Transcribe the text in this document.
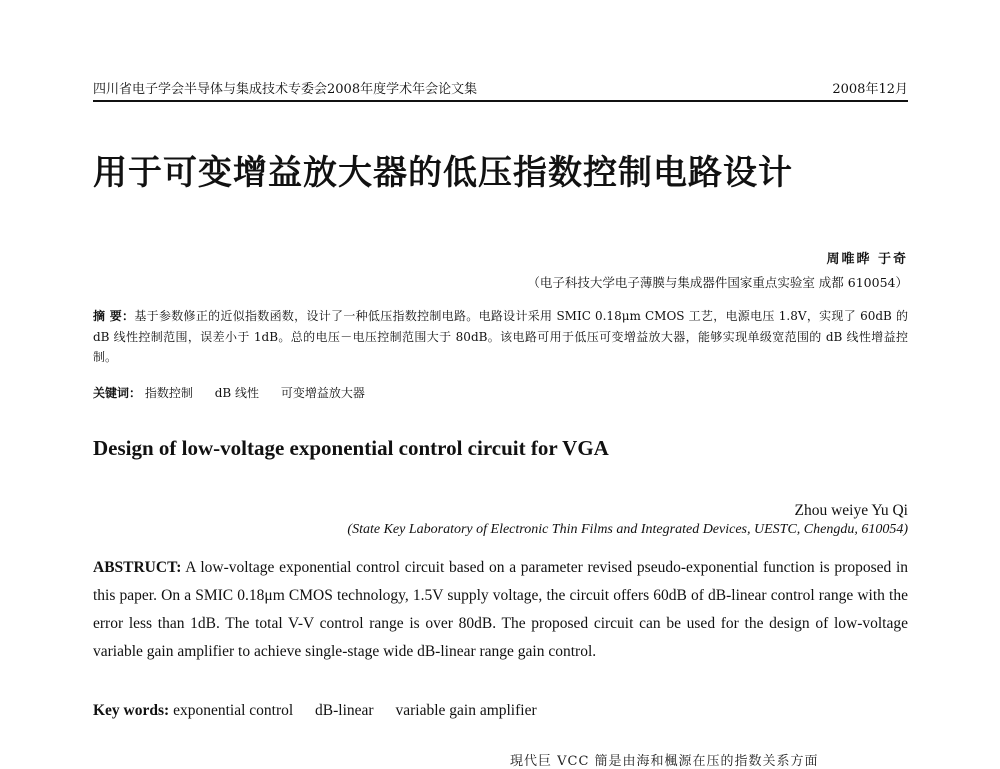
四川省电子学会半导体与集成技术专委会2008年度学术年会论文集	2008年12月
用于可变增益放大器的低压指数控制电路设计
周唯晔 于奇
（电子科技大学电子薄膜与集成器件国家重点实验室 成都 610054）
摘 要：基于参数修正的近似指数函数，设计了一种低压指数控制电路。电路设计采用 SMIC 0.18μm CMOS 工艺，电源电压 1.8V，实现了 60dB 的 dB 线性控制范围，误差小于 1dB。总的电压－电压控制范围大于 80dB。该电路可用于低压可变增益放大器，能够实现单级宽范围的 dB 线性增益控制。
关键词： 指数控制 dB 线性 可变增益放大器
Design of low-voltage exponential control circuit for VGA
Zhou weiye Yu Qi
(State Key Laboratory of Electronic Thin Films and Integrated Devices, UESTC, Chengdu, 610054)
ABSTRUCT: A low-voltage exponential control circuit based on a parameter revised pseudo-exponential function is proposed in this paper. On a SMIC 0.18μm CMOS technology, 1.5V supply voltage, the circuit offers 60dB of dB-linear control range with the error less than 1dB. The total V-V control range is over 80dB. The proposed circuit can be used for the design of low-voltage variable gain amplifier to achieve single-stage wide dB-linear range gain control.
Key words: exponential control dB-linear variable gain amplifier
現代巨 VCC 簡是由海和楓源在压的指数关系方面
